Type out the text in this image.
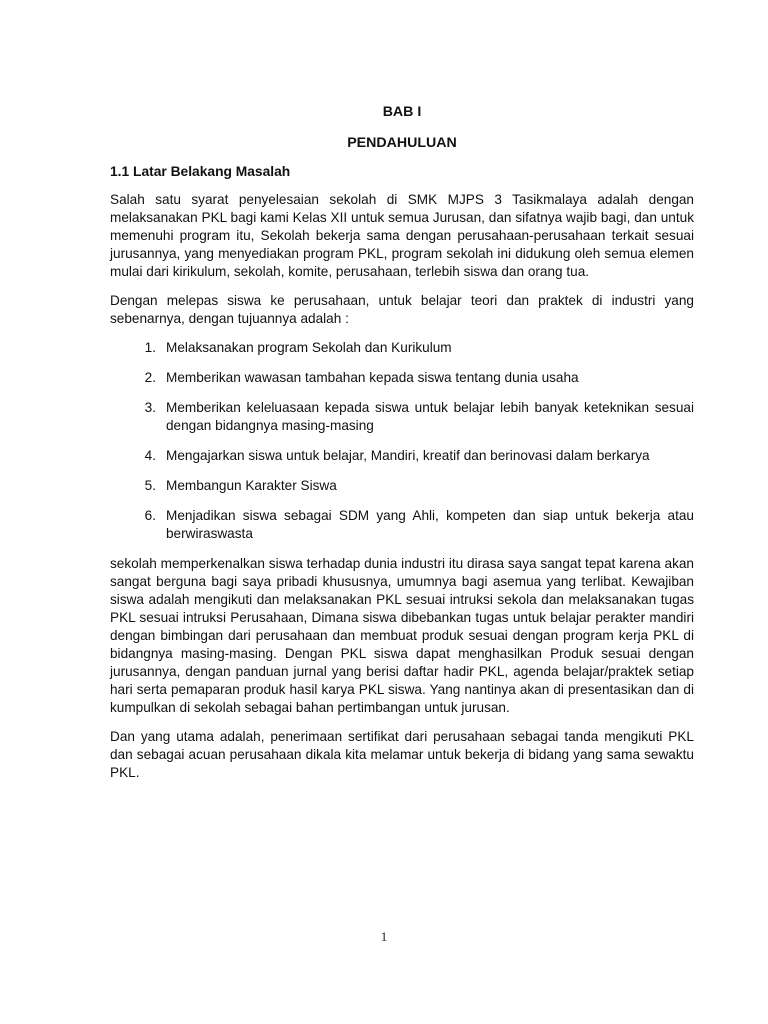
BAB I

PENDAHULUAN

1.1 Latar Belakang Masalah

Salah satu syarat penyelesaian sekolah di SMK MJPS 3 Tasikmalaya adalah dengan melaksanakan PKL bagi kami Kelas XII untuk semua Jurusan, dan sifatnya wajib bagi, dan untuk memenuhi program itu, Sekolah bekerja sama dengan perusahaan-perusahaan terkait sesuai jurusannya, yang menyediakan program PKL, program sekolah ini didukung oleh semua elemen mulai dari kirikulum, sekolah, komite, perusahaan, terlebih siswa dan orang tua.

Dengan melepas siswa ke perusahaan, untuk belajar teori dan praktek di industri yang sebenarnya, dengan tujuannya adalah :

1. Melaksanakan program Sekolah dan Kurikulum
2. Memberikan wawasan tambahan kepada siswa tentang dunia usaha
3. Memberikan keleluasaan kepada siswa untuk belajar lebih banyak keteknikan sesuai dengan bidangnya masing-masing
4. Mengajarkan siswa untuk belajar, Mandiri, kreatif dan berinovasi dalam berkarya
5. Membangun Karakter Siswa
6. Menjadikan siswa sebagai SDM yang Ahli, kompeten dan siap untuk bekerja atau berwiraswasta

sekolah memperkenalkan siswa terhadap dunia industri itu dirasa saya sangat tepat karena akan sangat berguna bagi saya pribadi khususnya, umumnya bagi asemua yang terlibat. Kewajiban siswa adalah mengikuti dan melaksanakan PKL sesuai intruksi sekola dan melaksanakan tugas PKL sesuai intruksi Perusahaan, Dimana siswa dibebankan tugas untuk belajar perakter mandiri dengan bimbingan dari perusahaan dan membuat produk sesuai dengan program kerja PKL di bidangnya masing-masing. Dengan PKL siswa dapat menghasilkan Produk sesuai dengan jurusannya, dengan panduan jurnal yang berisi daftar hadir PKL, agenda belajar/praktek setiap hari serta pemaparan produk hasil karya PKL siswa. Yang nantinya akan di presentasikan dan di kumpulkan di sekolah sebagai bahan pertimbangan untuk jurusan.

Dan yang utama adalah, penerimaan sertifikat dari perusahaan sebagai tanda mengikuti PKL dan sebagai acuan perusahaan dikala kita melamar untuk bekerja di bidang yang sama sewaktu PKL.

1
